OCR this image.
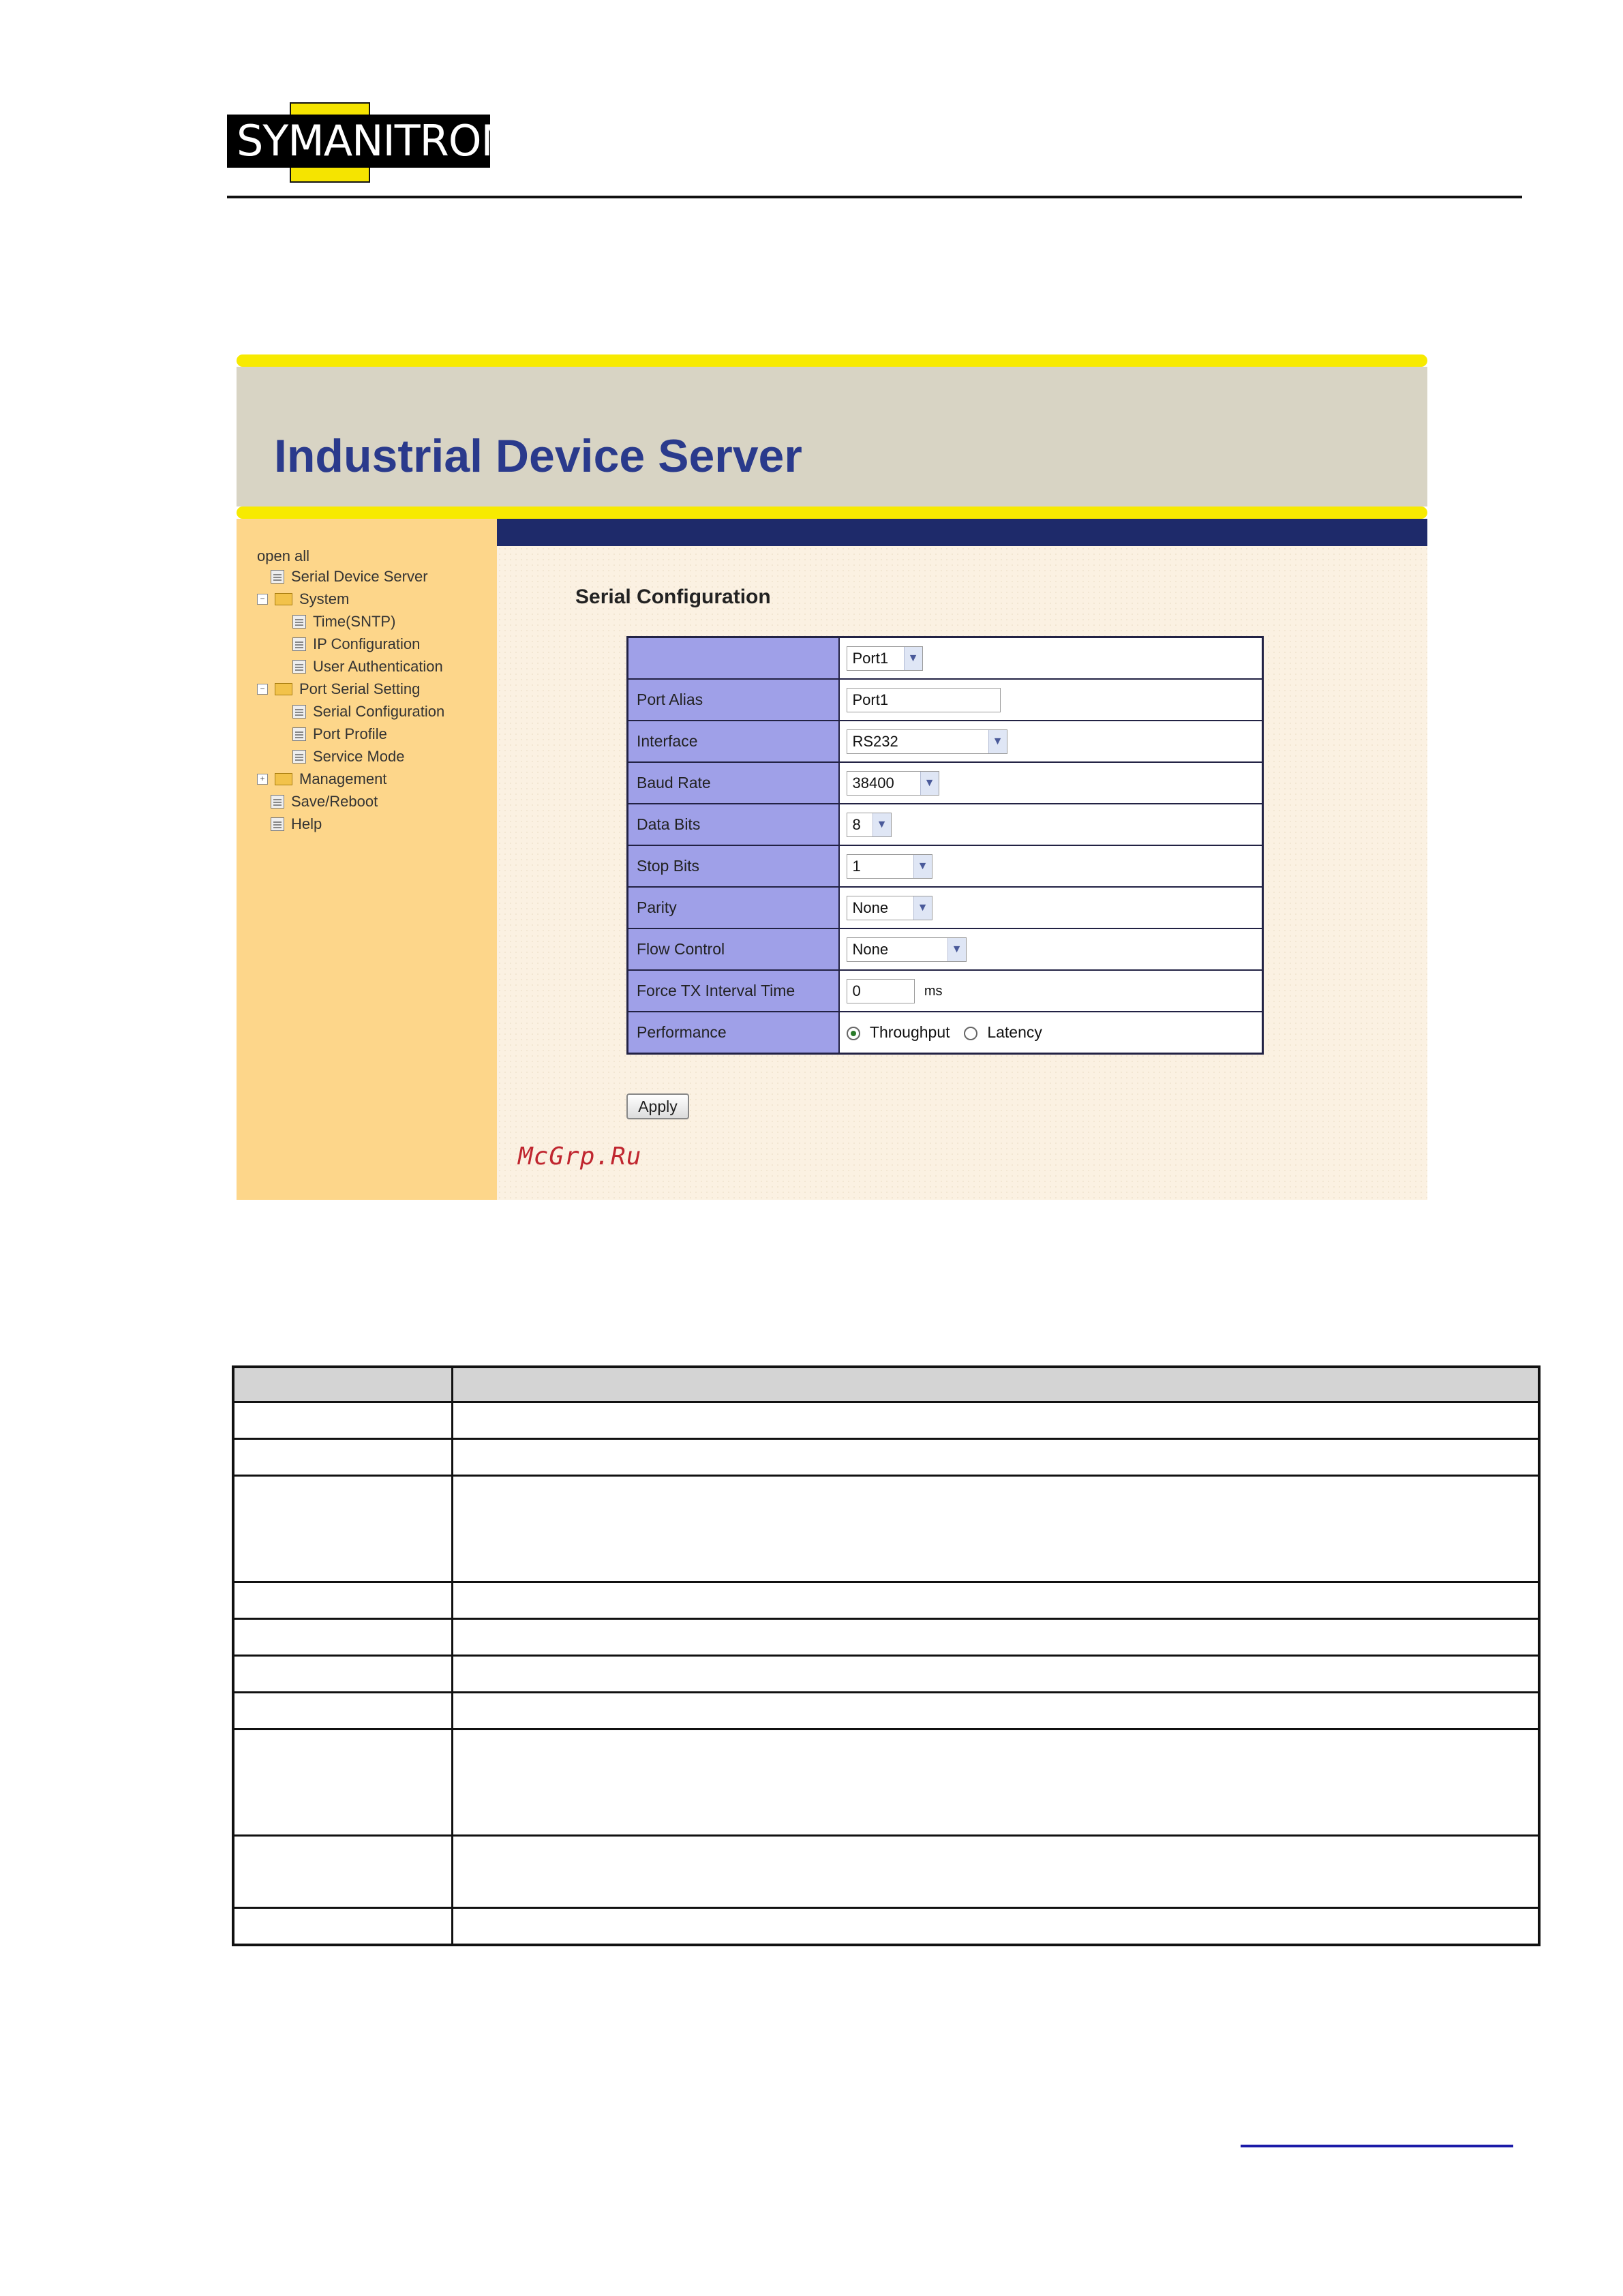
SYMANITRON
Industrial Device Server
open all
Serial Device Server
− System
Time(SNTP)
IP Configuration
User Authentication
− Port Serial Setting
Serial Configuration
Port Profile
Service Mode
+ Management
Save/Reboot
Help
Serial Configuration

	Port1 ▼

Port Alias	Port1
Interface	RS232 ▼

Baud Rate	38400 ▼

Data Bits	8 ▼

Stop Bits	1 ▼

Parity	None ▼

Flow Control	None ▼

Force TX Interval Time	0 ms
Performance	Throughput Latency
Apply
McGrp.Ru
